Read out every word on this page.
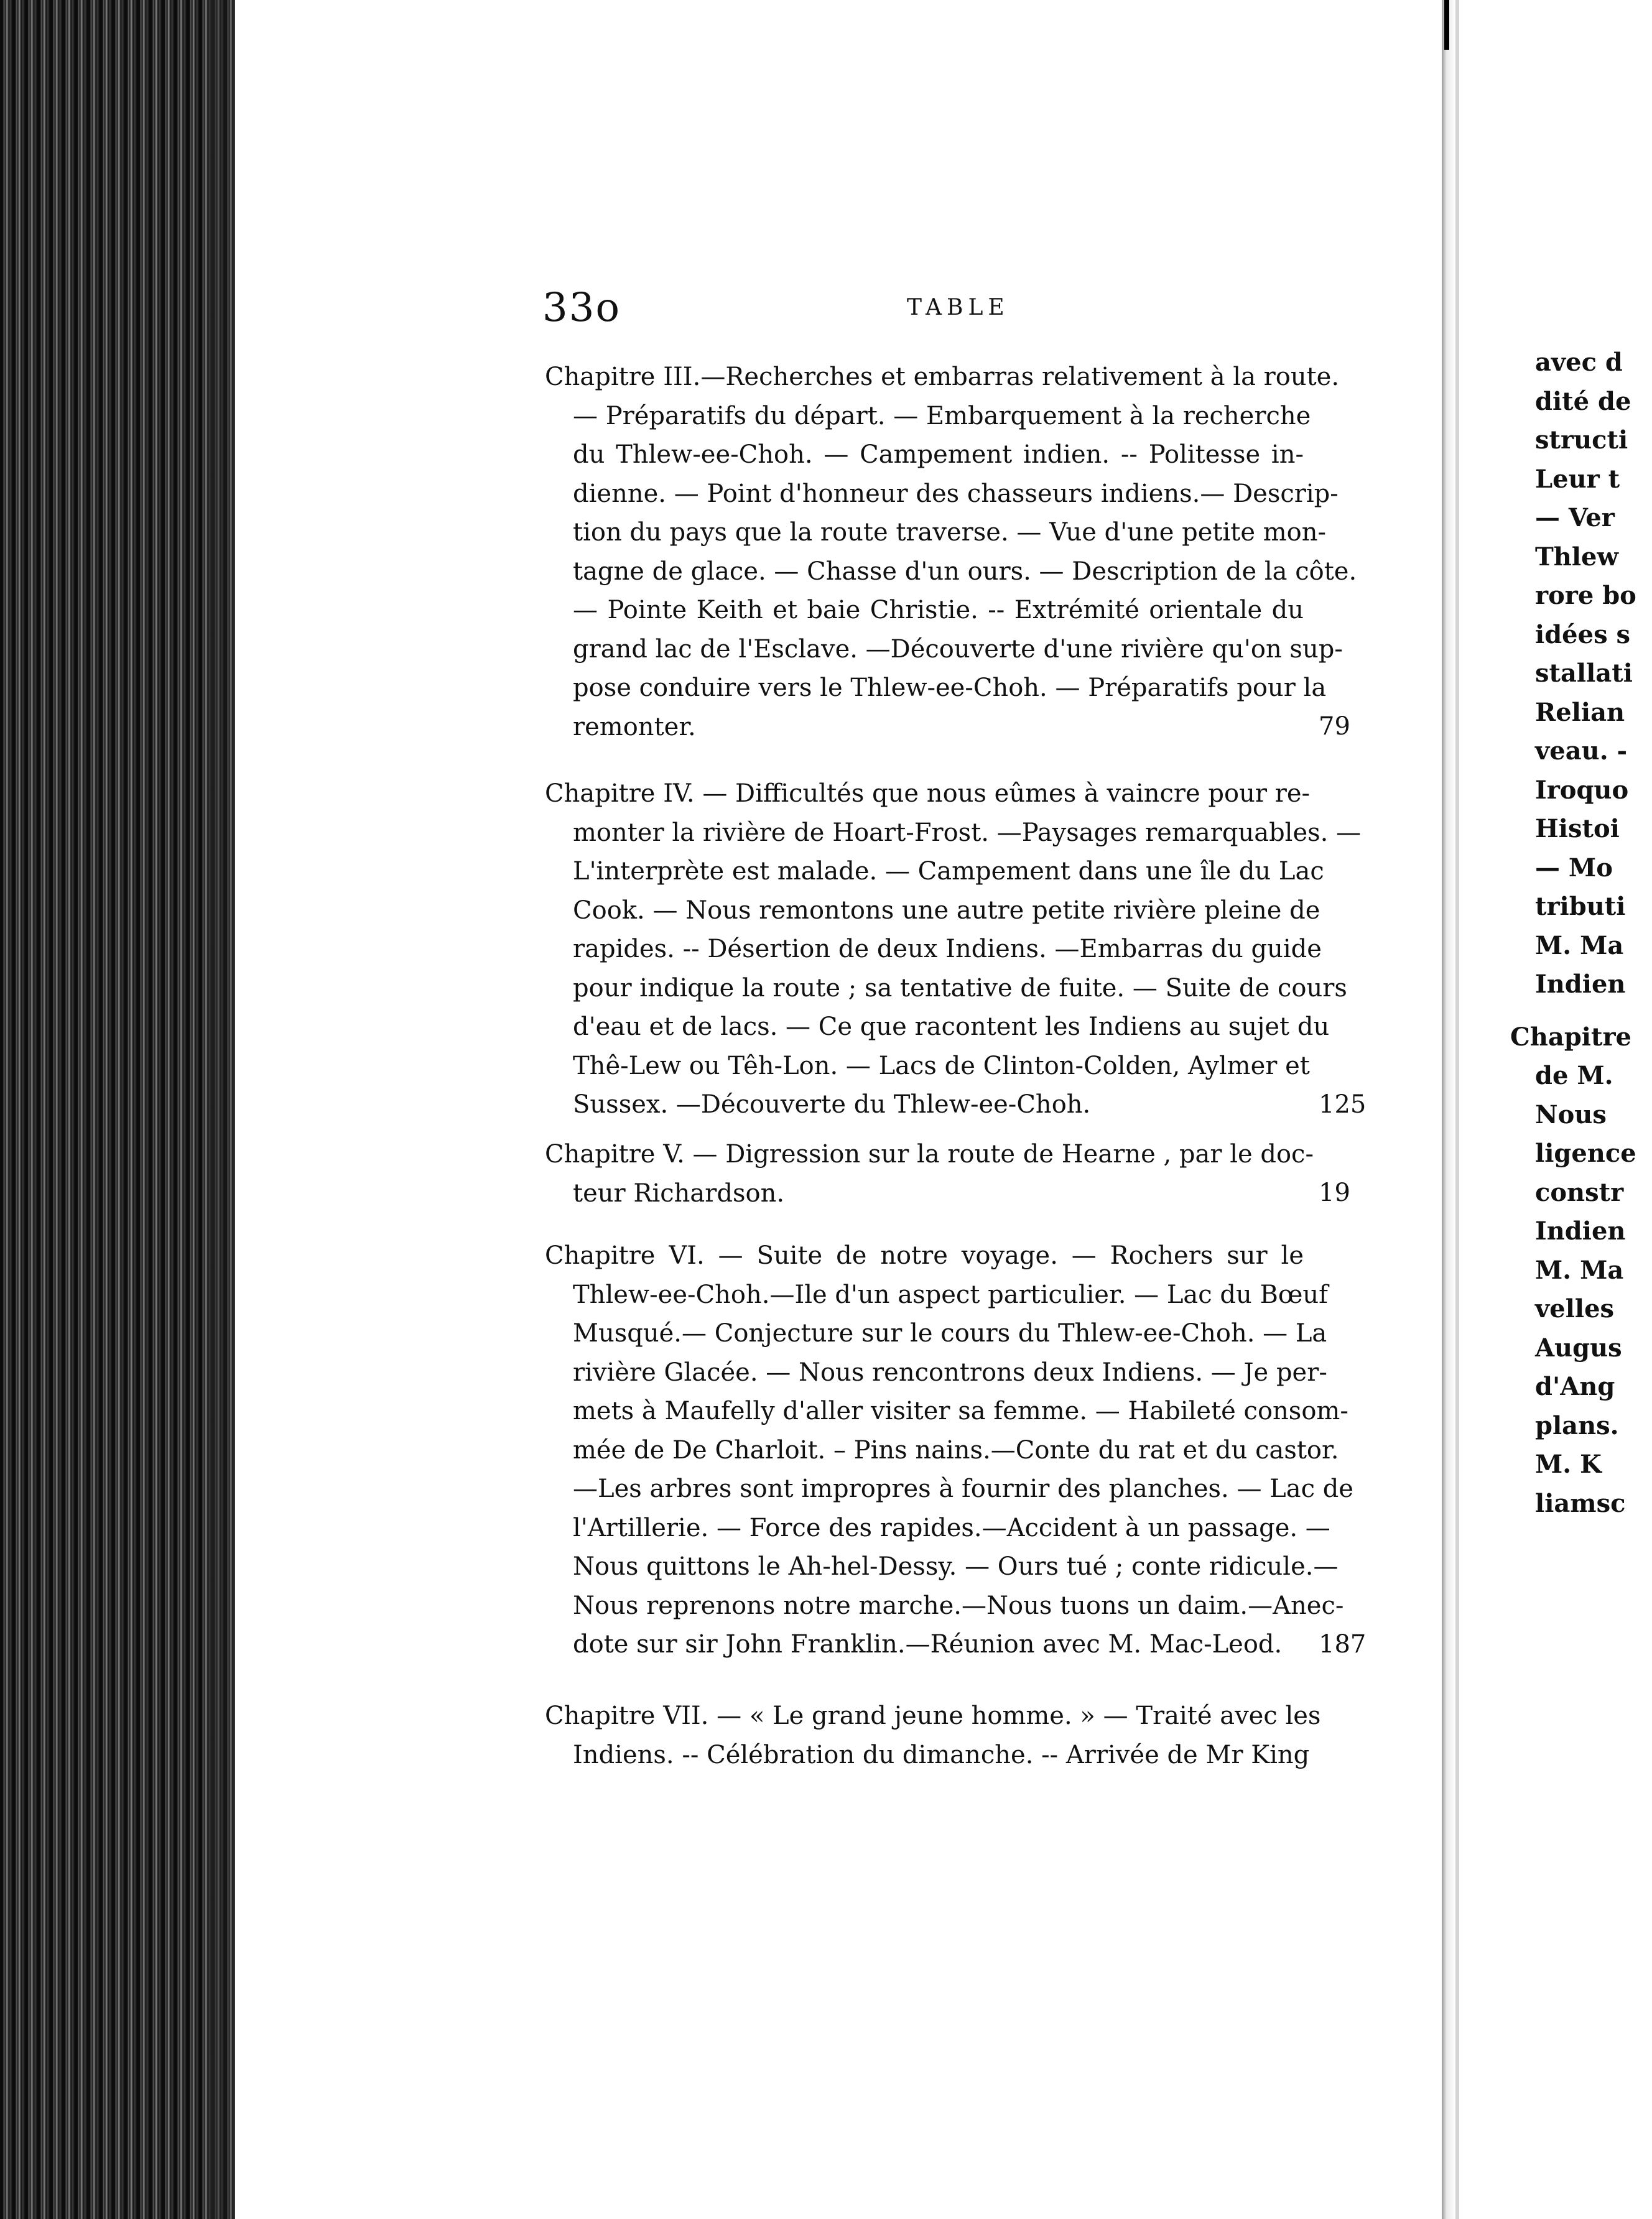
33o	TABLE
Chapitre III.—Recherches et embarras relativement à la route.
— Préparatifs du départ. — Embarquement à la recherche
du Thlew-ee-Choh. — Campement indien. -- Politesse in-
dienne. — Point d'honneur des chasseurs indiens.— Descrip-
tion du pays que la route traverse. — Vue d'une petite mon-
tagne de glace. — Chasse d'un ours. — Description de la côte.
— Pointe Keith et baie Christie. -- Extrémité orientale du
grand lac de l'Esclave. —Découverte d'une rivière qu'on sup-
pose conduire vers le Thlew-ee-Choh. — Préparatifs pour la
remonter.	79
Chapitre IV. — Difficultés que nous eûmes à vaincre pour re-
monter la rivière de Hoart-Frost. —Paysages remarquables. —
L'interprète est malade. — Campement dans une île du Lac
Cook. — Nous remontons une autre petite rivière pleine de
rapides. -- Désertion de deux Indiens. —Embarras du guide
pour indique la route ; sa tentative de fuite. — Suite de cours
d'eau et de lacs. — Ce que racontent les Indiens au sujet du
Thê-Lew ou Têh-Lon. — Lacs de Clinton-Colden, Aylmer et
Sussex. —Découverte du Thlew-ee-Choh.	125
Chapitre V. — Digression sur la route de Hearne , par le doc-
teur Richardson.	19
Chapitre VI. — Suite de notre voyage. — Rochers sur le
Thlew-ee-Choh.—Ile d'un aspect particulier. — Lac du Bœuf
Musqué.— Conjecture sur le cours du Thlew-ee-Choh. — La
rivière Glacée. — Nous rencontrons deux Indiens. — Je per-
mets à Maufelly d'aller visiter sa femme. — Habileté consom-
mée de De Charloit. – Pins nains.—Conte du rat et du castor.
—Les arbres sont impropres à fournir des planches. — Lac de
l'Artillerie. — Force des rapides.—Accident à un passage. —
Nous quittons le Ah-hel-Dessy. — Ours tué ; conte ridicule.—
Nous reprenons notre marche.—Nous tuons un daim.—Anec-
dote sur sir John Franklin.—Réunion avec M. Mac-Leod.	187
Chapitre VII. — « Le grand jeune homme. » — Traité avec les
Indiens. -- Célébration du dimanche. -- Arrivée de Mr King
avec d
dité de
structi
Leur t
— Ver
Thlew
rore bo
idées s
stallati
Relian
veau. -
Iroquo
Histoi
— Mo
tributi
M. Ma
Indien
Chapitre
de M.
Nous
ligence
constr
Indien
M. Ma
velles
Augus
d'Ang
plans.
M. K
liamsc
